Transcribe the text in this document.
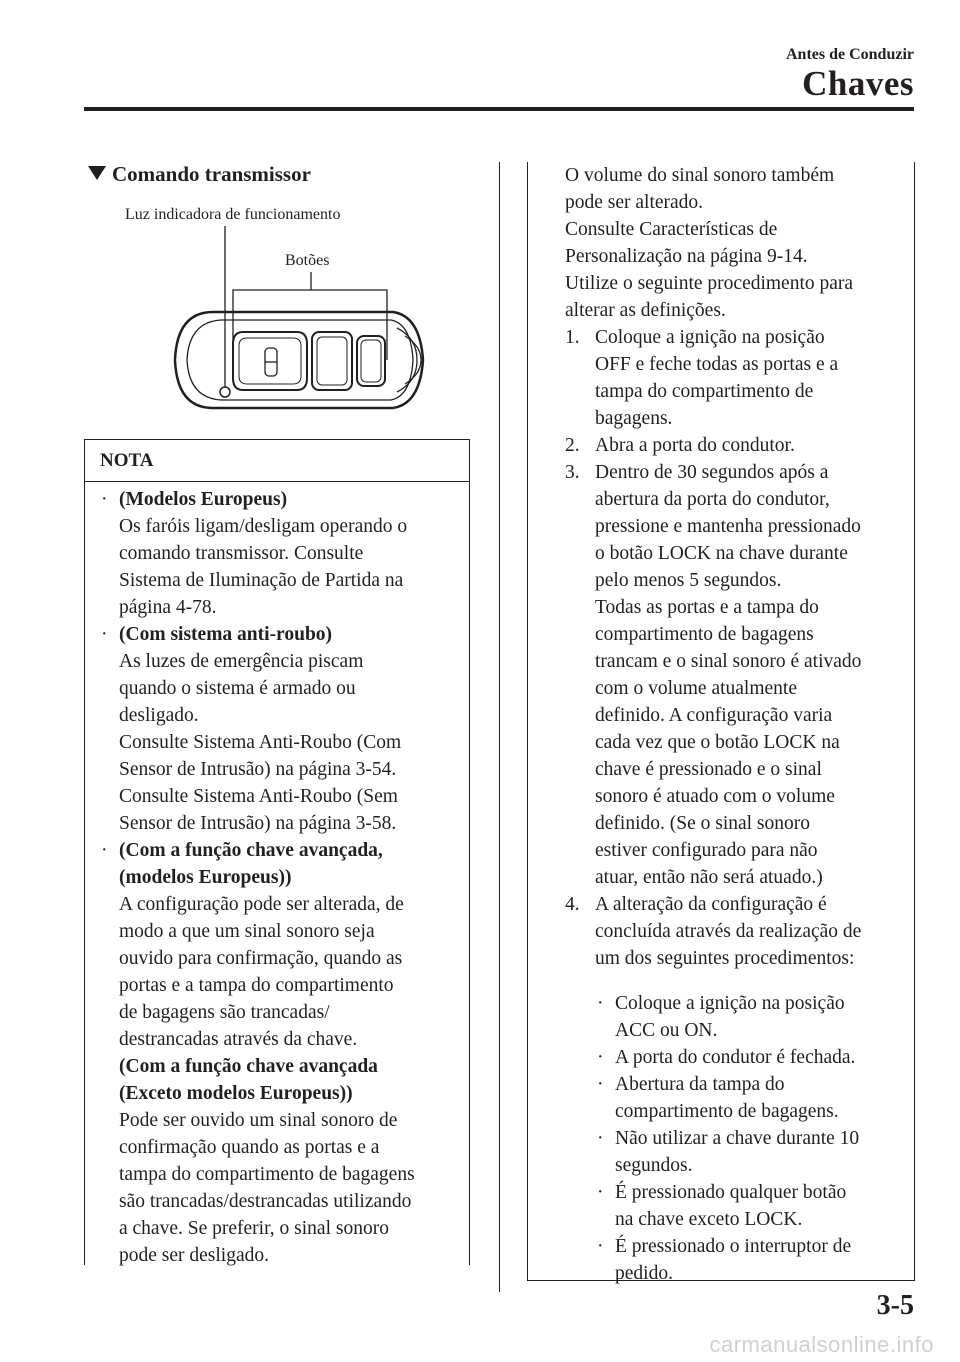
Antes de Conduzir
Chaves
Comando transmissor
Luz indicadora de funcionamento
Botões
NOTA
· (Modelos Europeus)
Os faróis ligam/desligam operando o
comando transmissor. Consulte
Sistema de Iluminação de Partida na
página 4-78.
· (Com sistema anti-roubo)
As luzes de emergência piscam
quando o sistema é armado ou
desligado.
Consulte Sistema Anti-Roubo (Com
Sensor de Intrusão) na página 3-54.
Consulte Sistema Anti-Roubo (Sem
Sensor de Intrusão) na página 3-58.
· (Com a função chave avançada,
(modelos Europeus))
A configuração pode ser alterada, de
modo a que um sinal sonoro seja
ouvido para confirmação, quando as
portas e a tampa do compartimento
de bagagens são trancadas/
destrancadas através da chave.
(Com a função chave avançada
(Exceto modelos Europeus))
Pode ser ouvido um sinal sonoro de
confirmação quando as portas e a
tampa do compartimento de bagagens
são trancadas/destrancadas utilizando
a chave. Se preferir, o sinal sonoro
pode ser desligado.
O volume do sinal sonoro também
pode ser alterado.
Consulte Características de
Personalização na página 9-14.
Utilize o seguinte procedimento para
alterar as definições.
1. Coloque a ignição na posição
OFF e feche todas as portas e a
tampa do compartimento de
bagagens.
2. Abra a porta do condutor.
3. Dentro de 30 segundos após a
abertura da porta do condutor,
pressione e mantenha pressionado
o botão LOCK na chave durante
pelo menos 5 segundos.
Todas as portas e a tampa do
compartimento de bagagens
trancam e o sinal sonoro é ativado
com o volume atualmente
definido. A configuração varia
cada vez que o botão LOCK na
chave é pressionado e o sinal
sonoro é atuado com o volume
definido. (Se o sinal sonoro
estiver configurado para não
atuar, então não será atuado.)
4. A alteração da configuração é
concluída através da realização de
um dos seguintes procedimentos:
· Coloque a ignição na posição
ACC ou ON.
· A porta do condutor é fechada.
· Abertura da tampa do
compartimento de bagagens.
· Não utilizar a chave durante 10
segundos.
· É pressionado qualquer botão
na chave exceto LOCK.
· É pressionado o interruptor de
pedido.
3-5
carmanualsonline.info
